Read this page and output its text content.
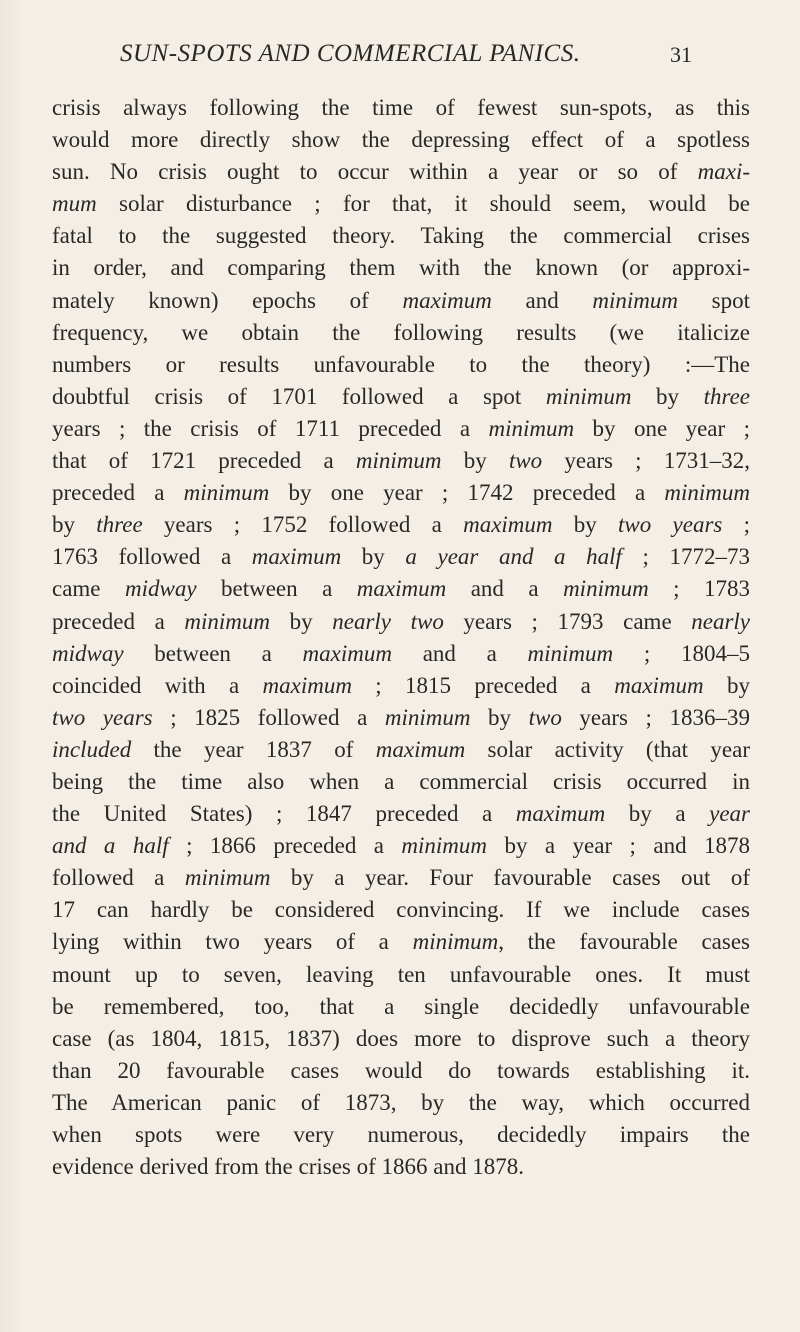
SUN-SPOTS AND COMMERCIAL PANICS.	31
crisis always following the time of fewest sun-spots, as this
would more directly show the depressing effect of a spotless
sun. No crisis ought to occur within a year or so of maxi-
mum solar disturbance ; for that, it should seem, would be
fatal to the suggested theory. Taking the commercial crises
in order, and comparing them with the known (or approxi-
mately known) epochs of maximum and minimum spot
frequency, we obtain the following results (we italicize
numbers or results unfavourable to the theory) :—The
doubtful crisis of 1701 followed a spot minimum by three
years ; the crisis of 1711 preceded a minimum by one year ;
that of 1721 preceded a minimum by two years ; 1731–32,
preceded a minimum by one year ; 1742 preceded a minimum
by three years ; 1752 followed a maximum by two years ;
1763 followed a maximum by a year and a half ; 1772–73
came midway between a maximum and a minimum ; 1783
preceded a minimum by nearly two years ; 1793 came nearly
midway between a maximum and a minimum ; 1804–5
coincided with a maximum ; 1815 preceded a maximum by
two years ; 1825 followed a minimum by two years ; 1836–39
included the year 1837 of maximum solar activity (that year
being the time also when a commercial crisis occurred in
the United States) ; 1847 preceded a maximum by a year
and a half ; 1866 preceded a minimum by a year ; and 1878
followed a minimum by a year. Four favourable cases out of
17 can hardly be considered convincing. If we include cases
lying within two years of a minimum, the favourable cases
mount up to seven, leaving ten unfavourable ones. It must
be remembered, too, that a single decidedly unfavourable
case (as 1804, 1815, 1837) does more to disprove such a theory
than 20 favourable cases would do towards establishing it.
The American panic of 1873, by the way, which occurred
when spots were very numerous, decidedly impairs the
evidence derived from the crises of 1866 and 1878.
